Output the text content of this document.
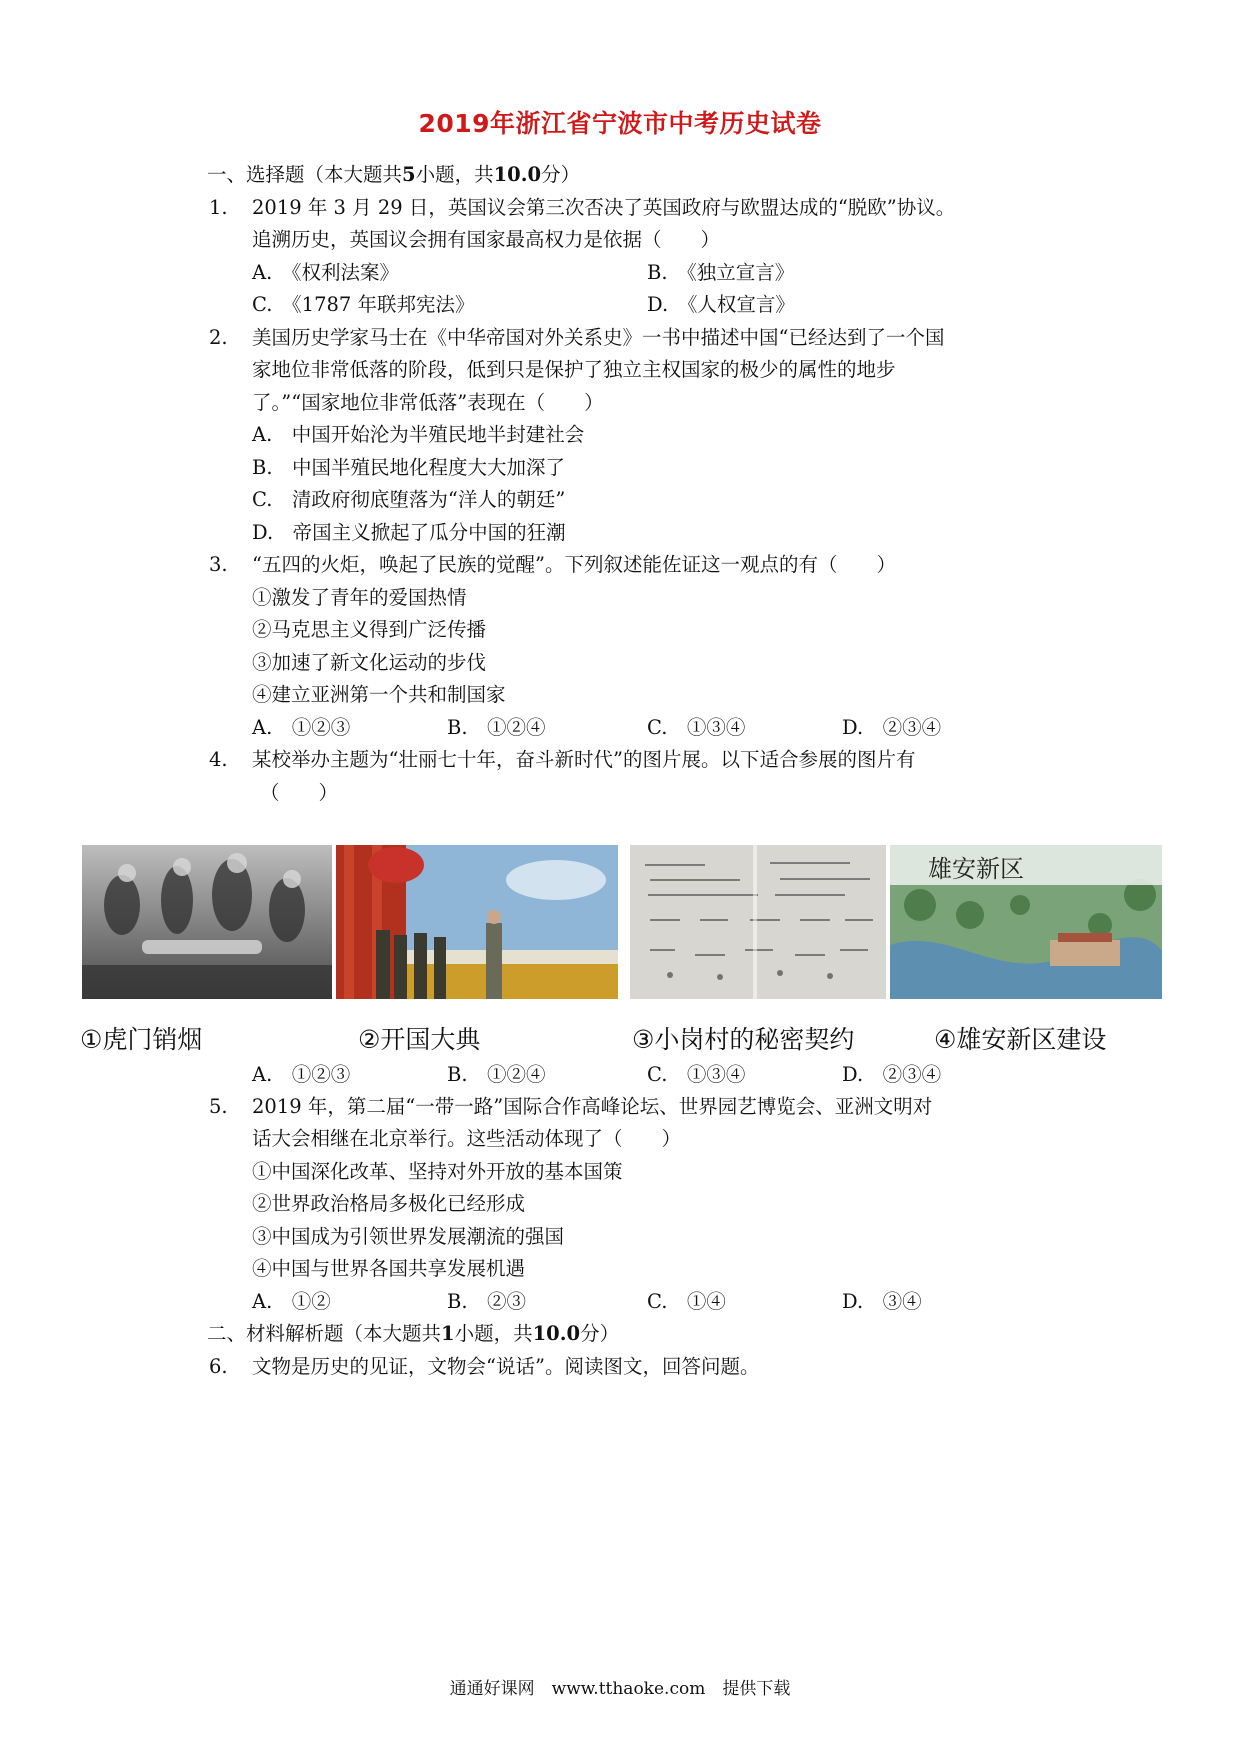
2019年浙江省宁波市中考历史试卷
一、选择题（本大题共5小题，共10.0分）
1. 2019 年 3 月 29 日，英国议会第三次否决了英国政府与欧盟达成的“脱欧”协议。
追溯历史，英国议会拥有国家最高权力是依据（　　）
A.　《权利法案》	B.　《独立宣言》
C.　《1787 年联邦宪法》	D.　《人权宣言》
2. 美国历史学家马士在《中华帝国对外关系史》一书中描述中国“已经达到了一个国
家地位非常低落的阶段，低到只是保护了独立主权国家的极少的属性的地步
了。”“国家地位非常低落”表现在（　　）
A.　中国开始沦为半殖民地半封建社会
B.　中国半殖民地化程度大大加深了
C.　清政府彻底堕落为“洋人的朝廷”
D.　帝国主义掀起了瓜分中国的狂潮
3. “五四的火炬，唤起了民族的觉醒”。下列叙述能佐证这一观点的有（　　）
①激发了青年的爱国热情
②马克思主义得到广泛传播
③加速了新文化运动的步伐
④建立亚洲第一个共和制国家
A.　①②③	B.　①②④	C.　①③④	D.　②③④
4. 某校举办主题为“壮丽七十年，奋斗新时代”的图片展。以下适合参展的图片有
（　　）
雄安新区
①虎门销烟	②开国大典	③小岗村的秘密契约	④雄安新区建设
A.　①②③	B.　①②④	C.　①③④	D.　②③④
5. 2019 年，第二届“一带一路”国际合作高峰论坛、世界园艺博览会、亚洲文明对
话大会相继在北京举行。这些活动体现了（　　）
①中国深化改革、坚持对外开放的基本国策
②世界政治格局多极化已经形成
③中国成为引领世界发展潮流的强国
④中国与世界各国共享发展机遇
A.　①②	B.　②③	C.　①④	D.　③④
二、材料解析题（本大题共1小题，共10.0分）
6. 文物是历史的见证，文物会“说话”。阅读图文，回答问题。
通通好课网　www.tthaoke.com　提供下载
